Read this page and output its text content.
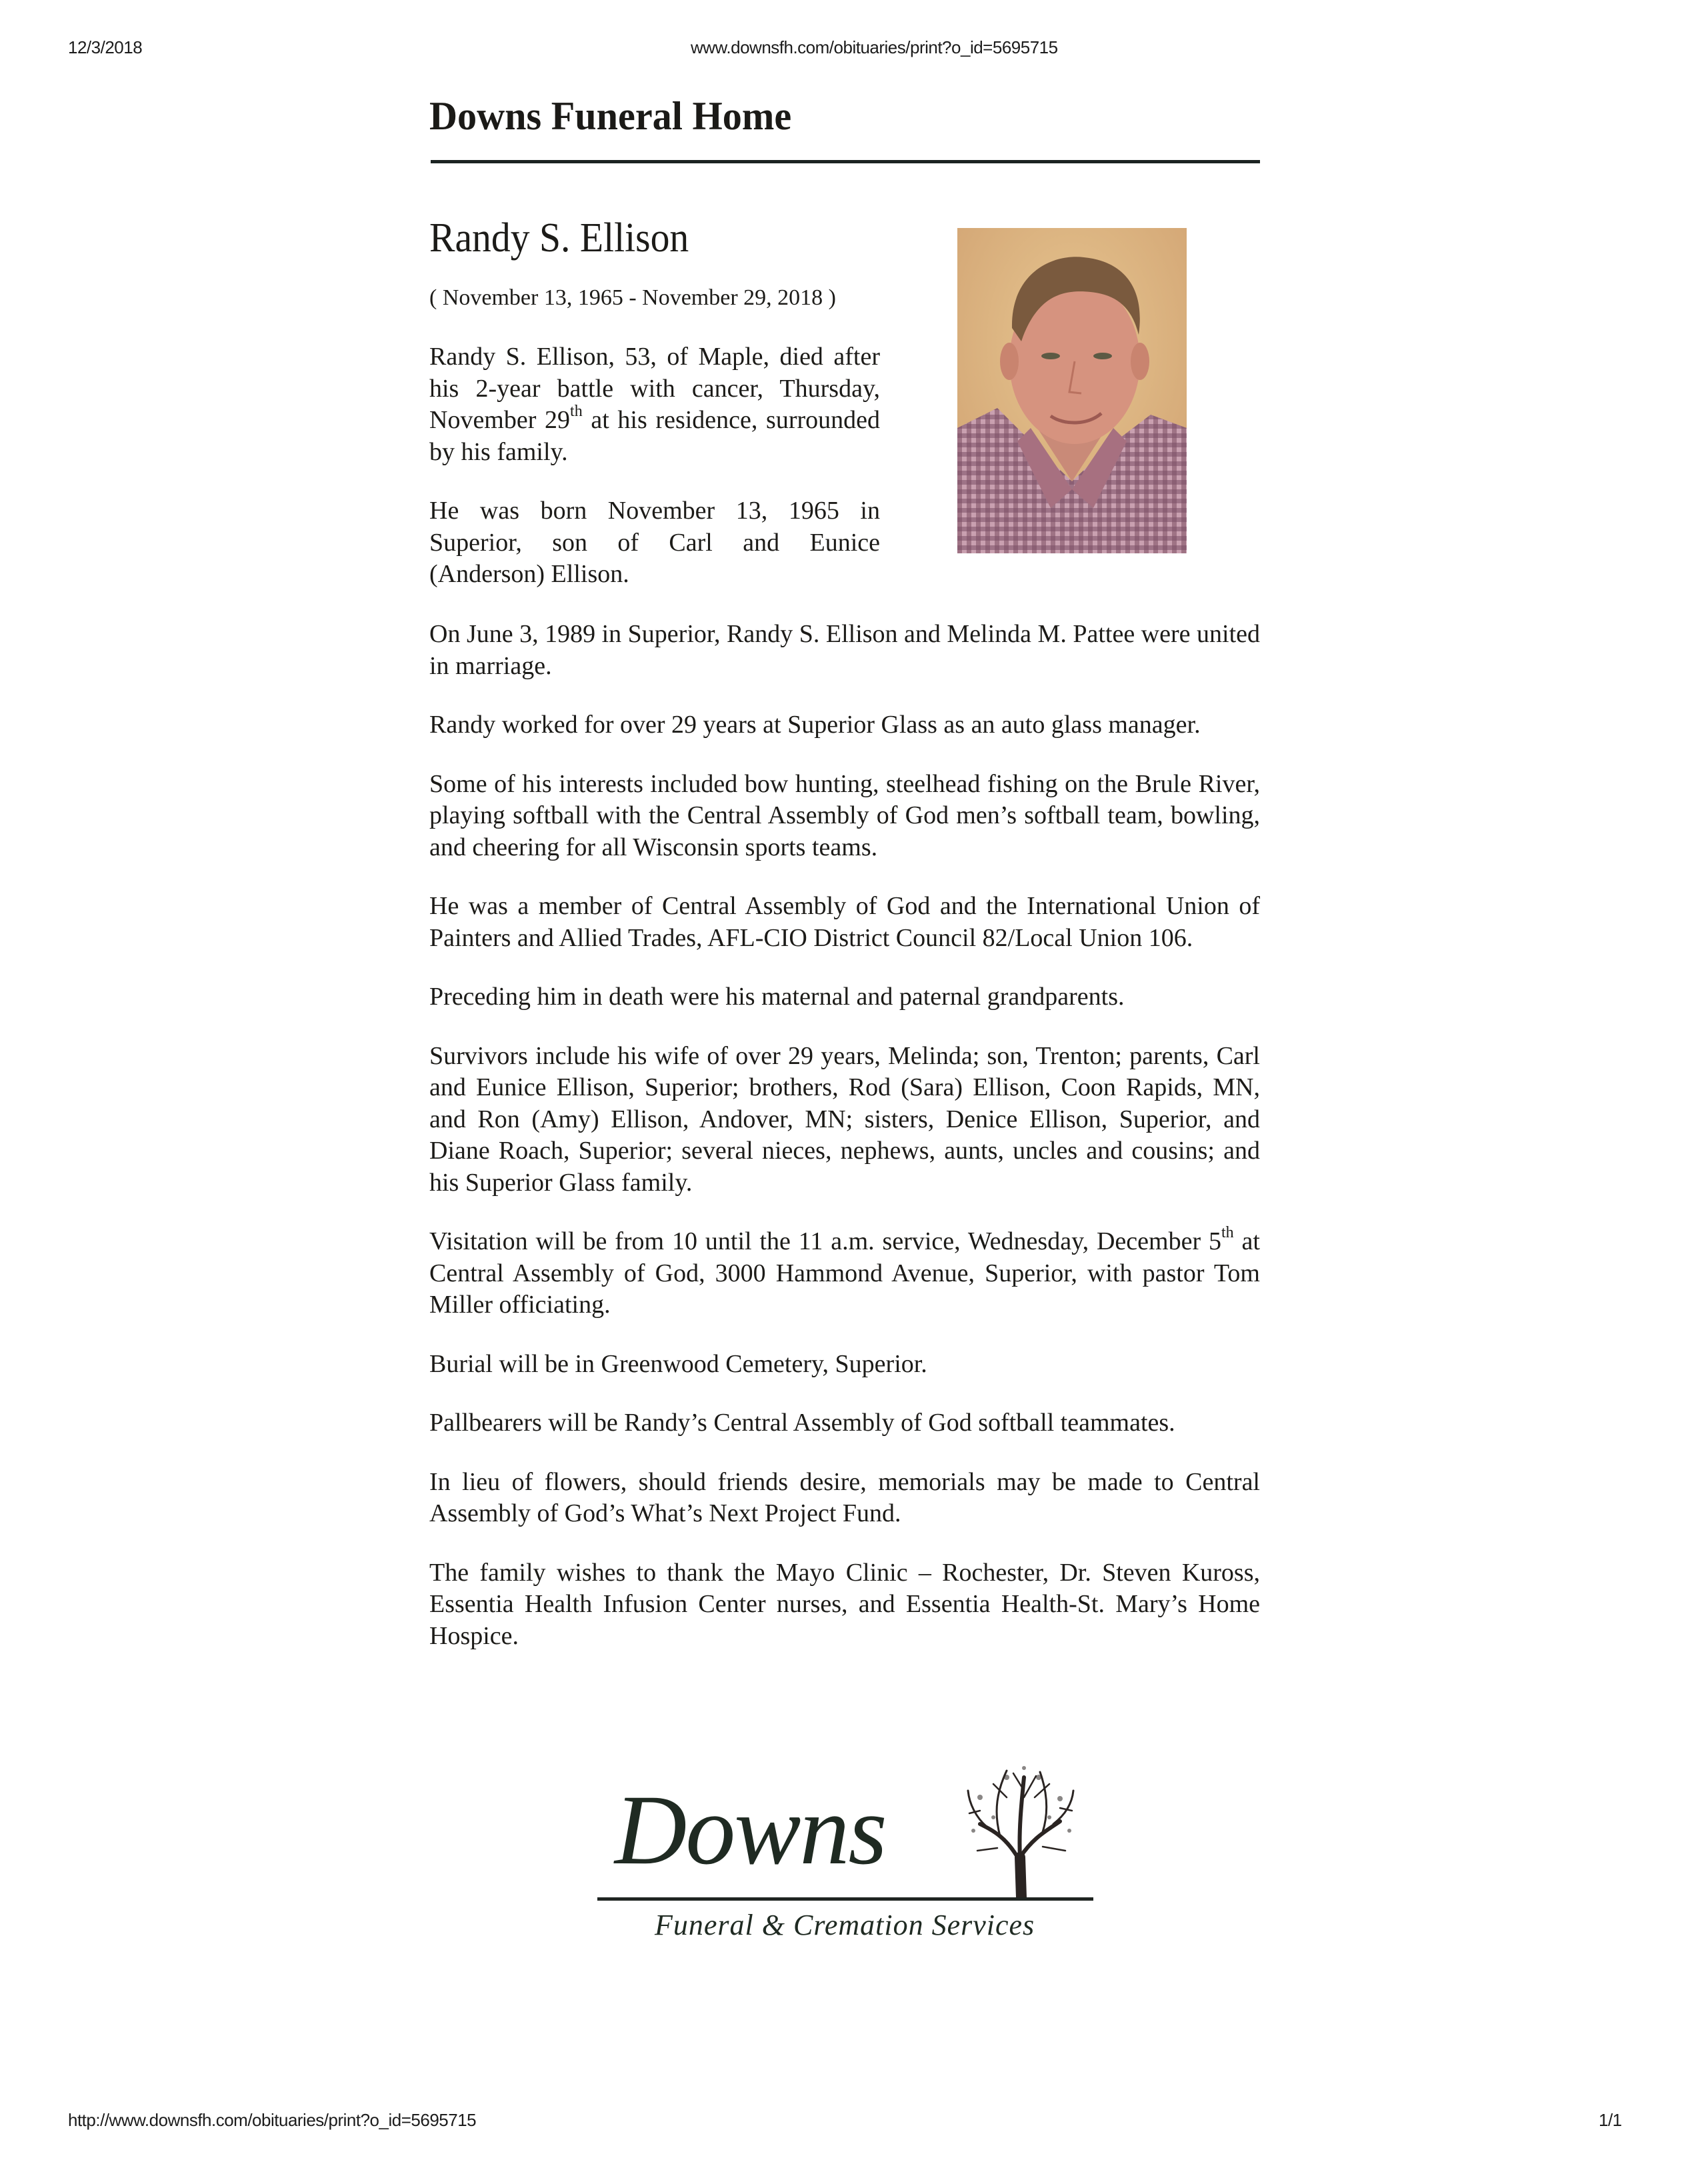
12/3/2018	www.downsfh.com/obituaries/print?o_id=5695715
Downs Funeral Home
Randy S. Ellison
( November 13, 1965 - November 29, 2018 )

Randy S. Ellison, 53, of Maple, died after his 2-year battle with cancer, Thursday, November 29th at his residence, surrounded by his family.

He was born November 13, 1965 in Superior, son of Carl and Eunice (Anderson) Ellison.

On June 3, 1989 in Superior, Randy S. Ellison and Melinda M. Pattee were united in marriage.

Randy worked for over 29 years at Superior Glass as an auto glass manager.

Some of his interests included bow hunting, steelhead fishing on the Brule River, playing softball with the Central Assembly of God men’s softball team, bowling, and cheering for all Wisconsin sports teams.

He was a member of Central Assembly of God and the International Union of Painters and Allied Trades, AFL-CIO District Council 82/Local Union 106.

Preceding him in death were his maternal and paternal grandparents.

Survivors include his wife of over 29 years, Melinda; son, Trenton; parents, Carl and Eunice Ellison, Superior; brothers, Rod (Sara) Ellison, Coon Rapids, MN, and Ron (Amy) Ellison, Andover, MN; sisters, Denice Ellison, Superior, and Diane Roach, Superior; several nieces, nephews, aunts, uncles and cousins; and his Superior Glass family.

Visitation will be from 10 until the 11 a.m. service, Wednesday, December 5th at Central Assembly of God, 3000 Hammond Avenue, Superior, with pastor Tom Miller officiating.

Burial will be in Greenwood Cemetery, Superior.

Pallbearers will be Randy’s Central Assembly of God softball teammates.

In lieu of flowers, should friends desire, memorials may be made to Central Assembly of God’s What’s Next Project Fund.

The family wishes to thank the Mayo Clinic – Rochester, Dr. Steven Kuross, Essentia Health Infusion Center nurses, and Essentia Health-St. Mary’s Home Hospice.

Downs
Funeral & Cremation Services
http://www.downsfh.com/obituaries/print?o_id=5695715	1/1
